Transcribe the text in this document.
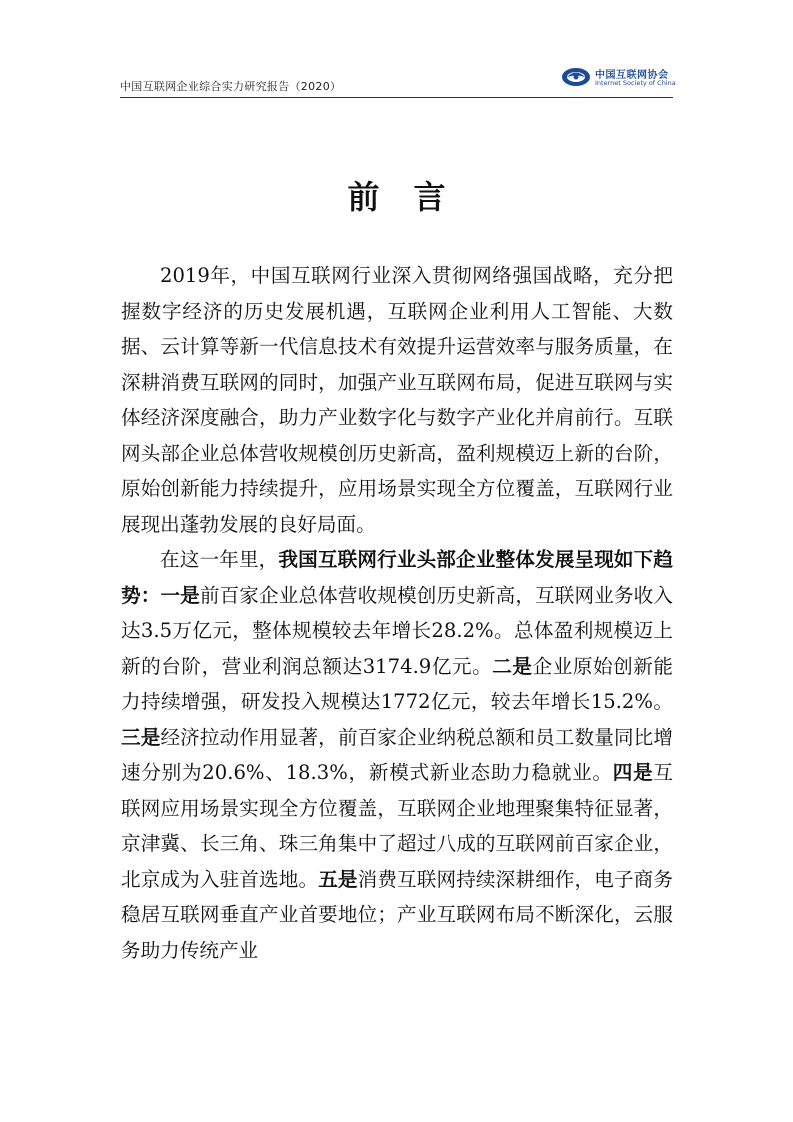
中国互联网企业综合实力研究报告（2020）
中国互联网协会
Internet Society of China
前言

2019年，中国互联网行业深入贯彻网络强国战略，充分把握数字经济的历史发展机遇，互联网企业利用人工智能、大数据、云计算等新一代信息技术有效提升运营效率与服务质量，在深耕消费互联网的同时，加强产业互联网布局，促进互联网与实体经济深度融合，助力产业数字化与数字产业化并肩前行。互联网头部企业总体营收规模创历史新高，盈利规模迈上新的台阶，原始创新能力持续提升，应用场景实现全方位覆盖，互联网行业展现出蓬勃发展的良好局面。

在这一年里，我国互联网行业头部企业整体发展呈现如下趋势：一是前百家企业总体营收规模创历史新高，互联网业务收入达3.5万亿元，整体规模较去年增长28.2%。总体盈利规模迈上新的台阶，营业利润总额达3174.9亿元。二是企业原始创新能力持续增强，研发投入规模达1772亿元，较去年增长15.2%。三是经济拉动作用显著，前百家企业纳税总额和员工数量同比增速分别为20.6%、18.3%，新模式新业态助力稳就业。四是互联网应用场景实现全方位覆盖，互联网企业地理聚集特征显著，京津冀、长三角、珠三角集中了超过八成的互联网前百家企业，北京成为入驻首选地。五是消费互联网持续深耕细作，电子商务稳居互联网垂直产业首要地位；产业互联网布局不断深化，云服务助力传统产业
